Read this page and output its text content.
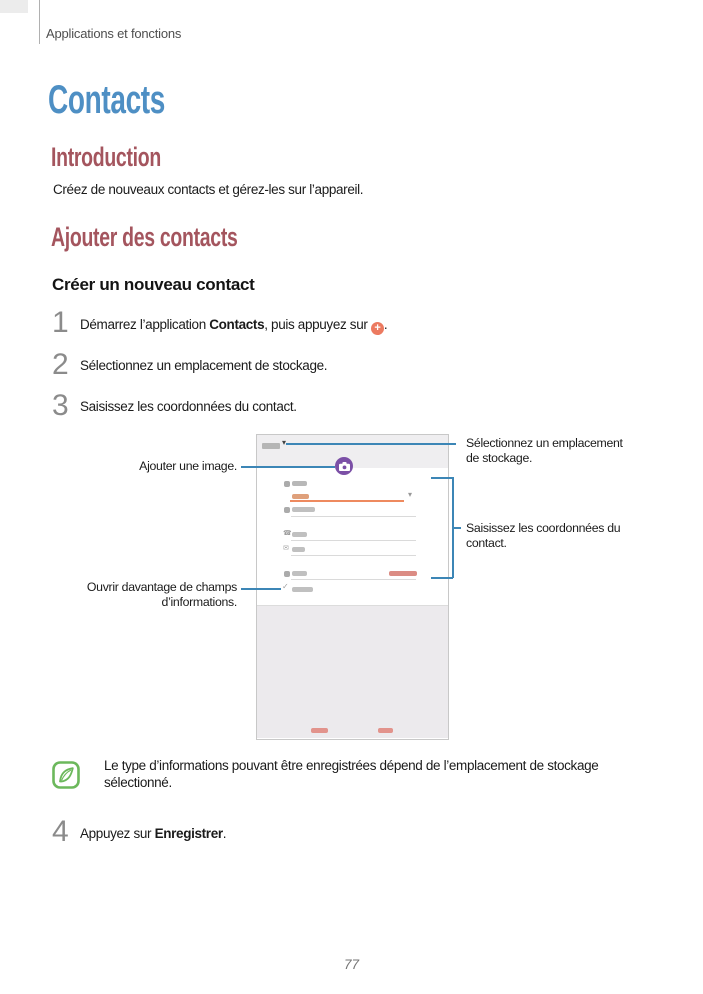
Applications et fonctions
Contacts
Introduction

Créez de nouveaux contacts et gérez-les sur l’appareil.

Ajouter des contacts
Créer un nouveau contact
1 Démarrez l’application Contacts, puis appuyez sur + .
2 Sélectionnez un emplacement de stockage.
3 Saisissez les coordonnées du contact.
▾
▾
☎
✉
✓
Ajouter une image.
Sélectionnez un emplacement de stockage.
Saisissez les coordonnées du contact.
Ouvrir davantage de champs d’informations.
Le type d’informations pouvant être enregistrées dépend de l’emplacement de stockage
sélectionné.
4 Appuyez sur Enregistrer.
77
